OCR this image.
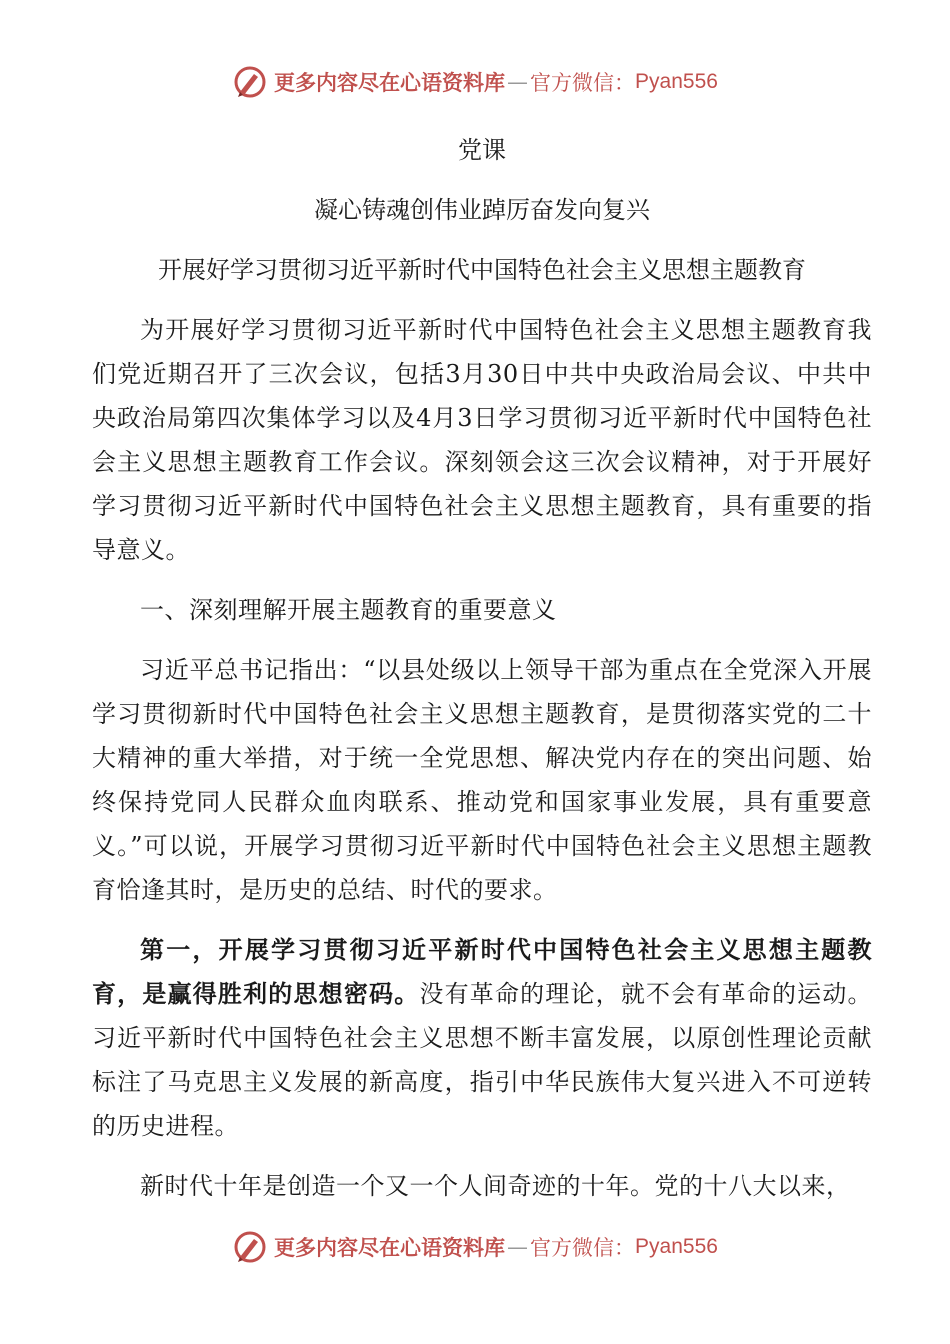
更多内容尽在心语资料库 — 官方微信： Pyan556

党课

凝心铸魂创伟业踔厉奋发向复兴

开展好学习贯彻习近平新时代中国特色社会主义思想主题教育

为开展好学习贯彻习近平新时代中国特色社会主义思想主题教育我们党近期召开了三次会议，包括3月30日中共中央政治局会议、中共中央政治局第四次集体学习以及4月3日学习贯彻习近平新时代中国特色社会主义思想主题教育工作会议。深刻领会这三次会议精神，对于开展好学习贯彻习近平新时代中国特色社会主义思想主题教育，具有重要的指导意义。

一、深刻理解开展主题教育的重要意义

习近平总书记指出：“以县处级以上领导干部为重点在全党深入开展学习贯彻新时代中国特色社会主义思想主题教育，是贯彻落实党的二十大精神的重大举措，对于统一全党思想、解决党内存在的突出问题、始终保持党同人民群众血肉联系、推动党和国家事业发展，具有重要意义。”可以说，开展学习贯彻习近平新时代中国特色社会主义思想主题教育恰逢其时，是历史的总结、时代的要求。

第一，开展学习贯彻习近平新时代中国特色社会主义思想主题教育，是赢得胜利的思想密码。没有革命的理论，就不会有革命的运动。习近平新时代中国特色社会主义思想不断丰富发展，以原创性理论贡献标注了马克思主义发展的新高度，指引中华民族伟大复兴进入不可逆转的历史进程。

新时代十年是创造一个又一个人间奇迹的十年。党的十八大以来，

更多内容尽在心语资料库 — 官方微信： Pyan556
